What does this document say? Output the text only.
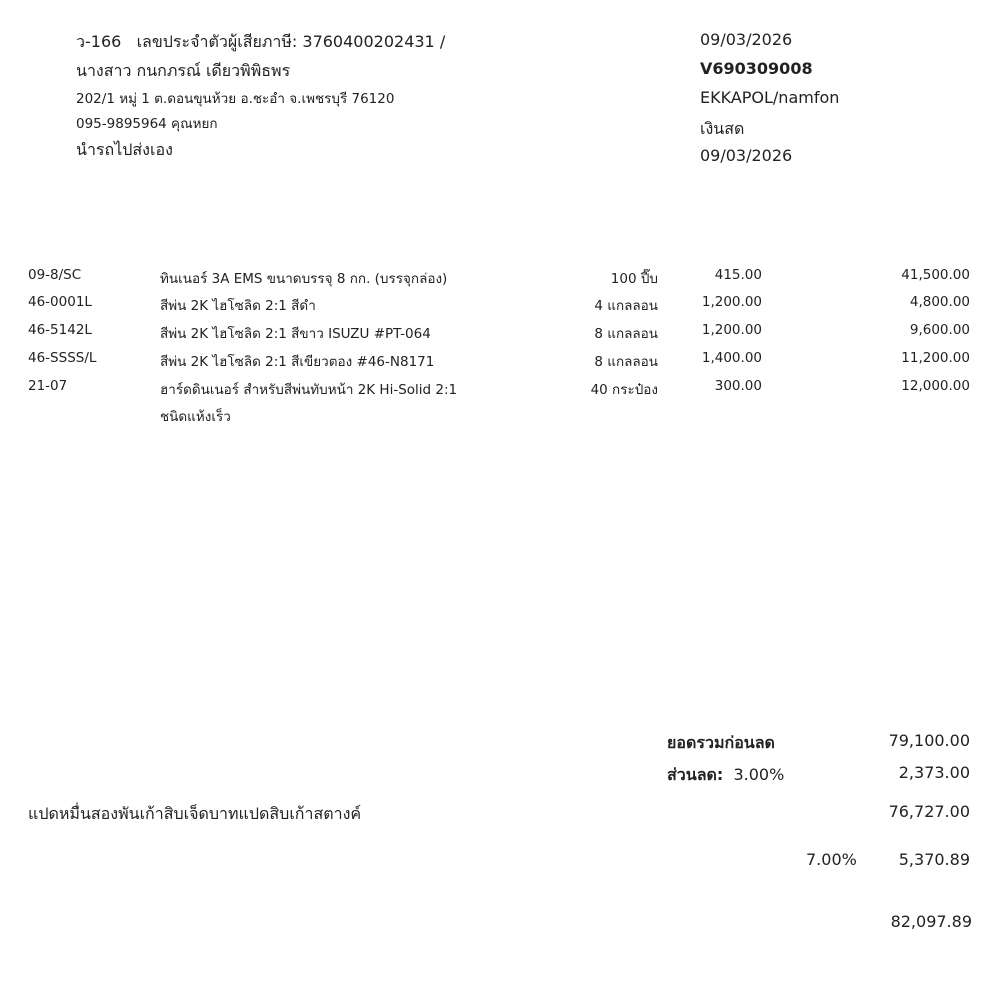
ว-166 เลขประจำตัวผู้เสียภาษี: 3760400202431 /
นางสาว กนกภรณ์ เดียวพิพิธพร
202/1 หมู่ 1 ต.ดอนขุนห้วย อ.ชะอำ จ.เพชรบุรี 76120
095-9895964 คุณหยก
นำรถไปส่งเอง
09/03/2026
V690309008
EKKAPOL/namfon
เงินสด
09/03/2026
09-8/SC	ทินเนอร์ 3A EMS ขนาดบรรจุ 8 กก. (บรรจุกล่อง)	100 ปี๊บ	415.00	41,500.00
46-0001L	สีพ่น 2K ไฮโซลิด 2:1 สีดำ	4 แกลลอน	1,200.00	4,800.00
46-5142L	สีพ่น 2K ไฮโซลิด 2:1 สีขาว ISUZU #PT-064	8 แกลลอน	1,200.00	9,600.00
46-SSSS/L	สีพ่น 2K ไฮโซลิด 2:1 สีเขียวตอง #46-N8171	8 แกลลอน	1,400.00	11,200.00
21-07	ฮาร์ดดินเนอร์ สำหรับสีพ่นทับหน้า 2K Hi-Solid 2:1	40 กระป๋อง	300.00	12,000.00
ชนิดแห้งเร็ว
ยอดรวมก่อนลด	79,100.00
ส่วนลด: 3.00%	2,373.00
แปดหมื่นสองพันเก้าสิบเจ็ดบาทแปดสิบเก้าสตางค์	76,727.00
7.00%	5,370.89
82,097.89
